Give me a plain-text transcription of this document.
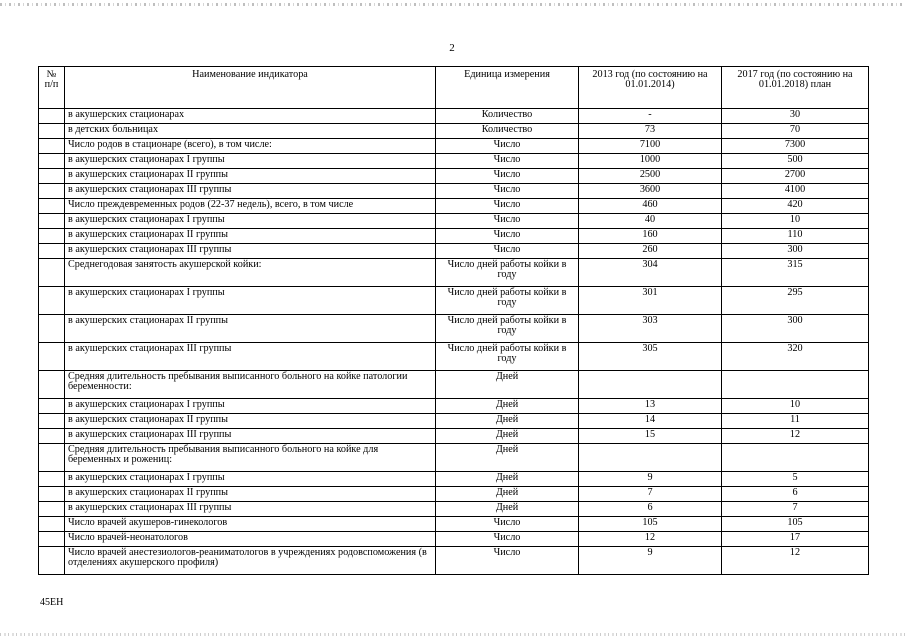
2
№ п/п	Наименование индикатора	Единица измерения	2013 год (по состоянию на 01.01.2014)	2017 год (по состоянию на 01.01.2018) план
	в акушерских стационарах	Количество	-	30
	в детских больницах	Количество	73	70
	Число родов в стационаре (всего), в том числе:	Число	7100	7300
	в акушерских стационарах I группы	Число	1000	500
	в акушерских стационарах II группы	Число	2500	2700
	в акушерских стационарах III группы	Число	3600	4100
	Число преждевременных родов (22-37 недель), всего, в том числе	Число	460	420
	в акушерских стационарах I группы	Число	40	10
	в акушерских стационарах II группы	Число	160	110
	в акушерских стационарах III группы	Число	260	300
	Среднегодовая занятость акушерской койки:	Число дней работы койки в году	304	315
	в акушерских стационарах I группы	Число дней работы койки в году	301	295
	в акушерских стационарах II группы	Число дней работы койки в году	303	300
	в акушерских стационарах III группы	Число дней работы койки в году	305	320
	Средняя длительность пребывания выписанного больного на койке патологии беременности:	Дней		
	в акушерских стационарах I группы	Дней	13	10
	в акушерских стационарах II группы	Дней	14	11
	в акушерских стационарах III группы	Дней	15	12
	Средняя длительность пребывания выписанного больного на койке для беременных и рожениц:	Дней		
	в акушерских стационарах I группы	Дней	9	5
	в акушерских стационарах II группы	Дней	7	6
	в акушерских стационарах III группы	Дней	6	7
	Число врачей акушеров-гинекологов	Число	105	105
	Число врачей-неонатологов	Число	12	17
	Число врачей анестезиологов-реаниматологов в учреждениях родовспоможения (в отделениях акушерского профиля)	Число	9	12
45ЕН
